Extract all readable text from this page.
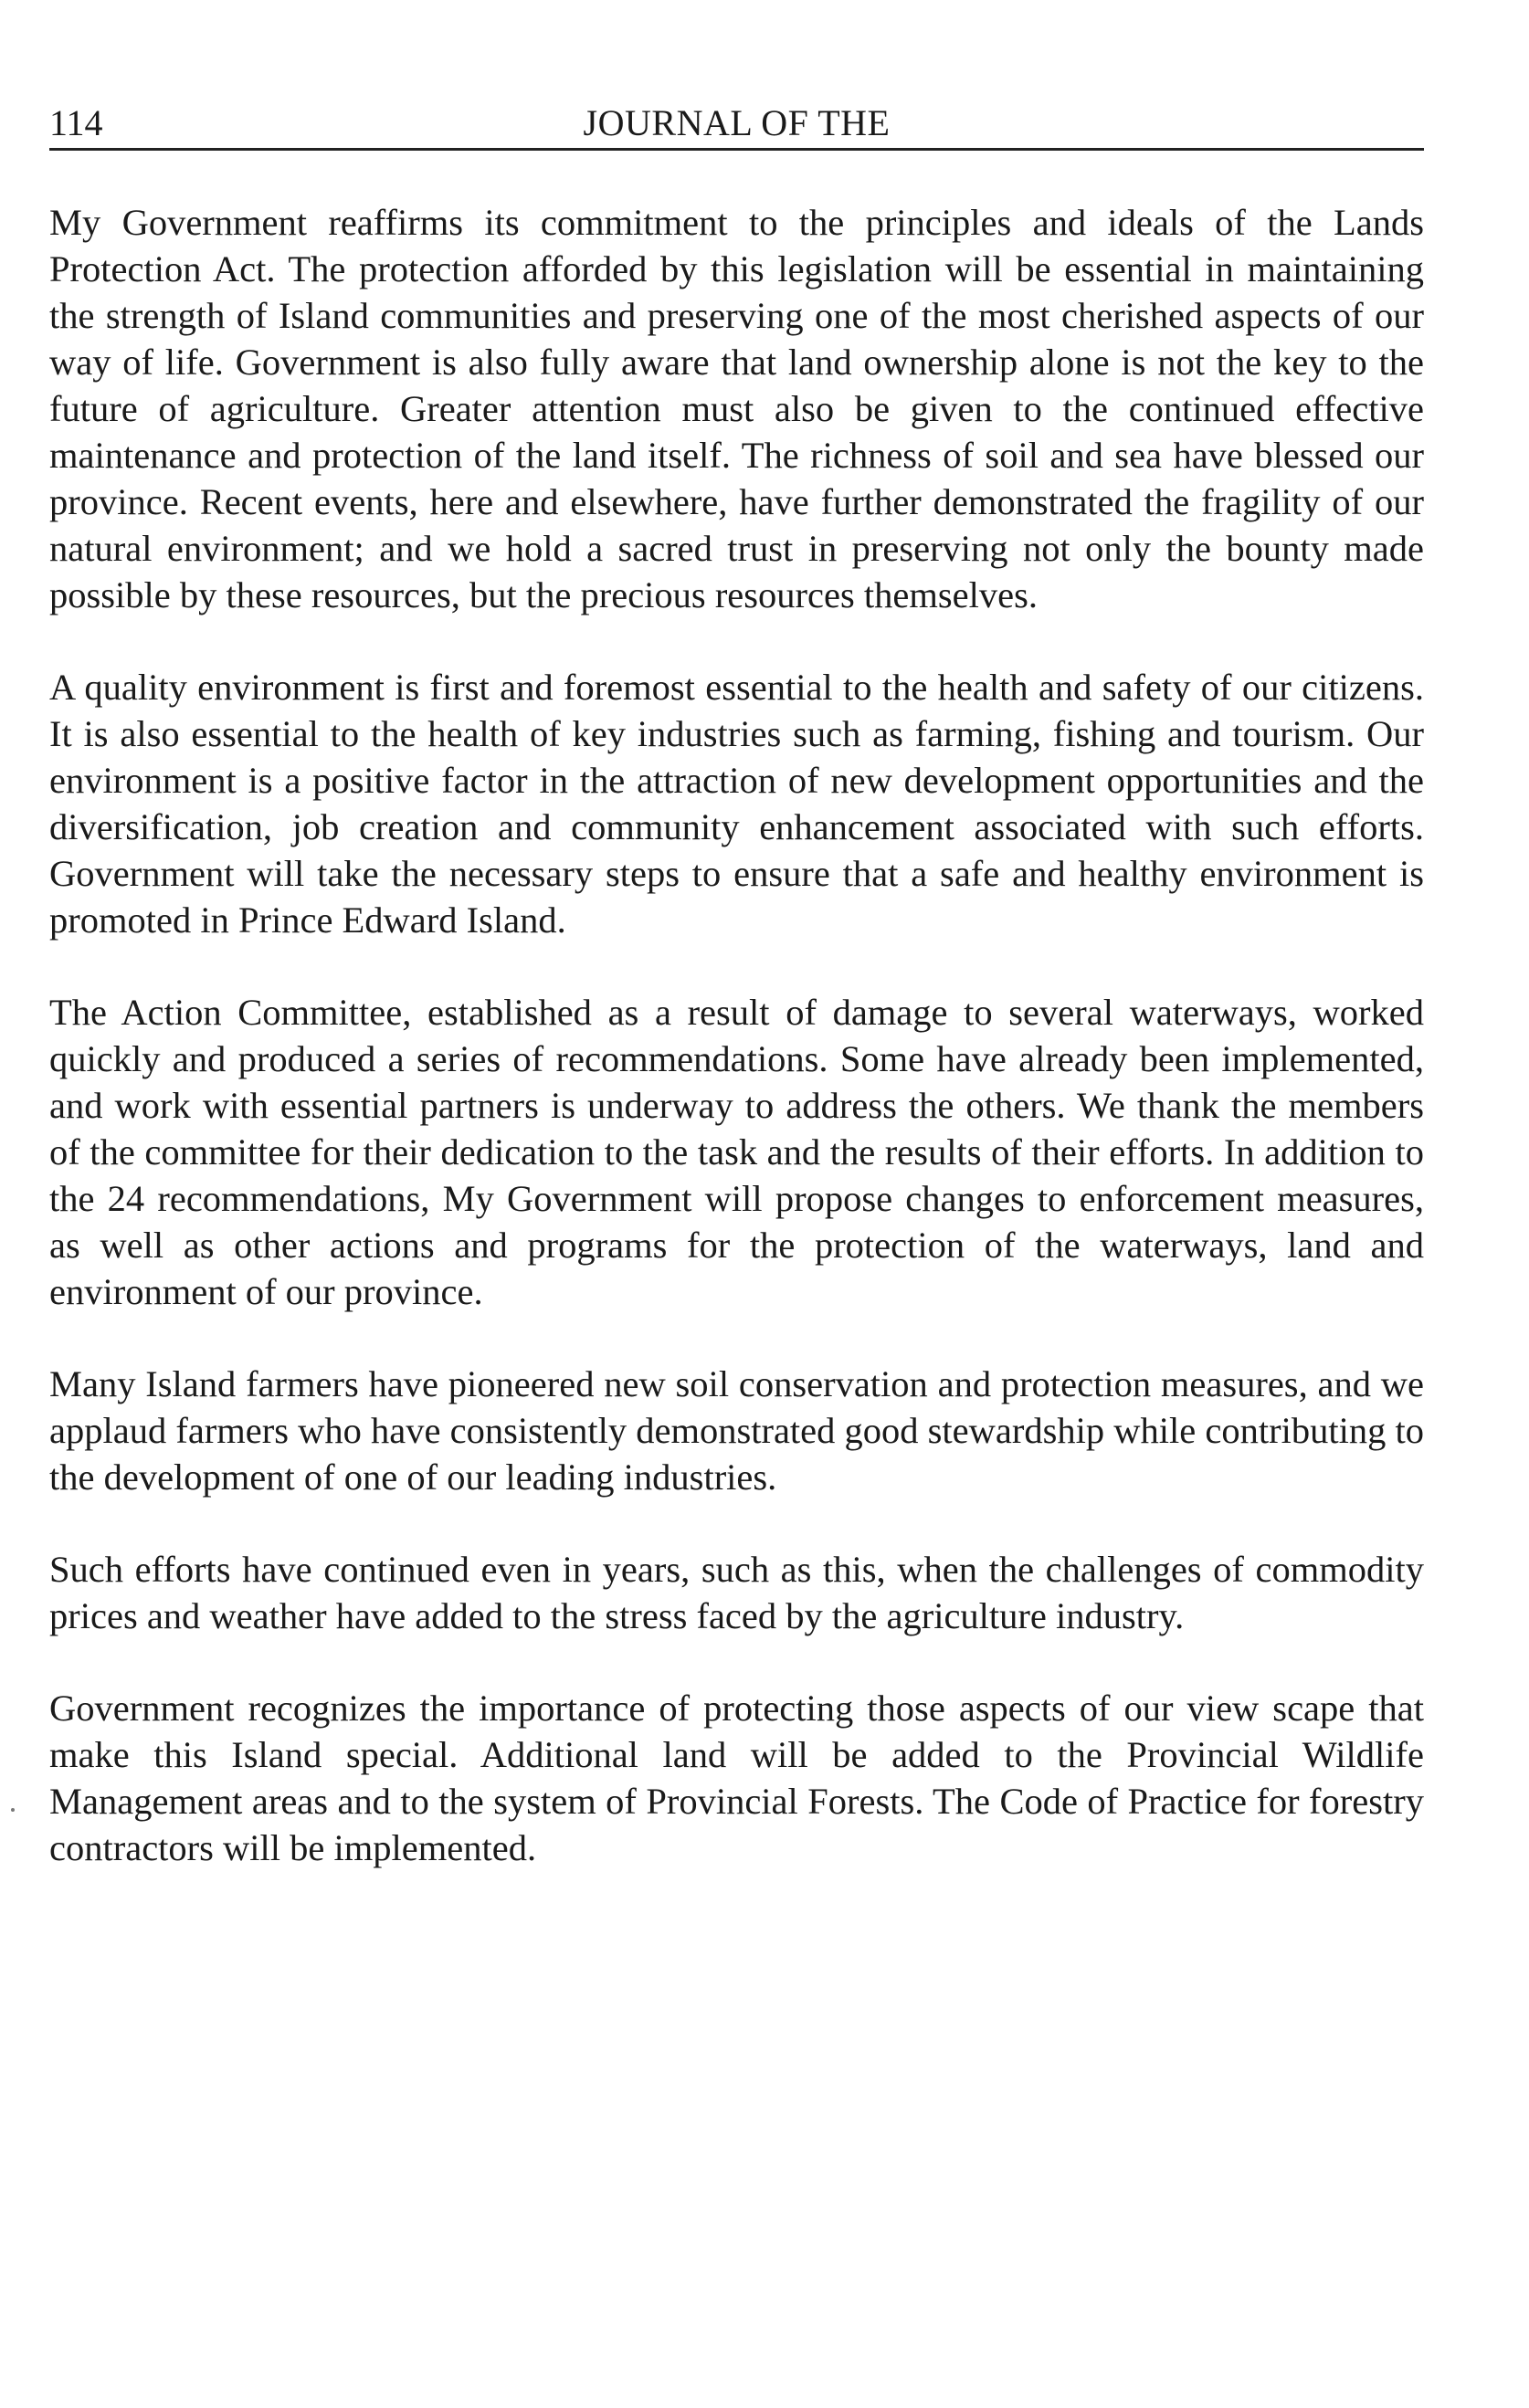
114	JOURNAL OF THE

My Government reaffirms its commitment to the principles and ideals of the Lands Protection Act. The protection afforded by this legislation will be essential in maintaining the strength of Island communities and preserving one of the most cherished aspects of our way of life. Government is also fully aware that land ownership alone is not the key to the future of agriculture. Greater attention must also be given to the continued effective maintenance and protection of the land itself. The richness of soil and sea have blessed our province. Recent events, here and elsewhere, have further demonstrated the fragility of our natural environment; and we hold a sacred trust in preserving not only the bounty made possible by these resources, but the precious resources themselves.

A quality environment is first and foremost essential to the health and safety of our citizens. It is also essential to the health of key industries such as farming, fishing and tourism. Our environment is a positive factor in the attraction of new development opportunities and the diversification, job creation and community enhancement associated with such efforts. Government will take the necessary steps to ensure that a safe and healthy environment is promoted in Prince Edward Island.

The Action Committee, established as a result of damage to several waterways, worked quickly and produced a series of recommendations. Some have already been implemented, and work with essential partners is underway to address the others. We thank the members of the committee for their dedication to the task and the results of their efforts. In addition to the 24 recommendations, My Government will propose changes to enforcement measures, as well as other actions and programs for the protection of the waterways, land and environment of our province.

Many Island farmers have pioneered new soil conservation and protection measures, and we applaud farmers who have consistently demonstrated good stewardship while contributing to the development of one of our leading industries.

Such efforts have continued even in years, such as this, when the challenges of commodity prices and weather have added to the stress faced by the agriculture industry.

Government recognizes the importance of protecting those aspects of our view scape that make this Island special. Additional land will be added to the Provincial Wildlife Management areas and to the system of Provincial Forests. The Code of Practice for forestry contractors will be implemented.
